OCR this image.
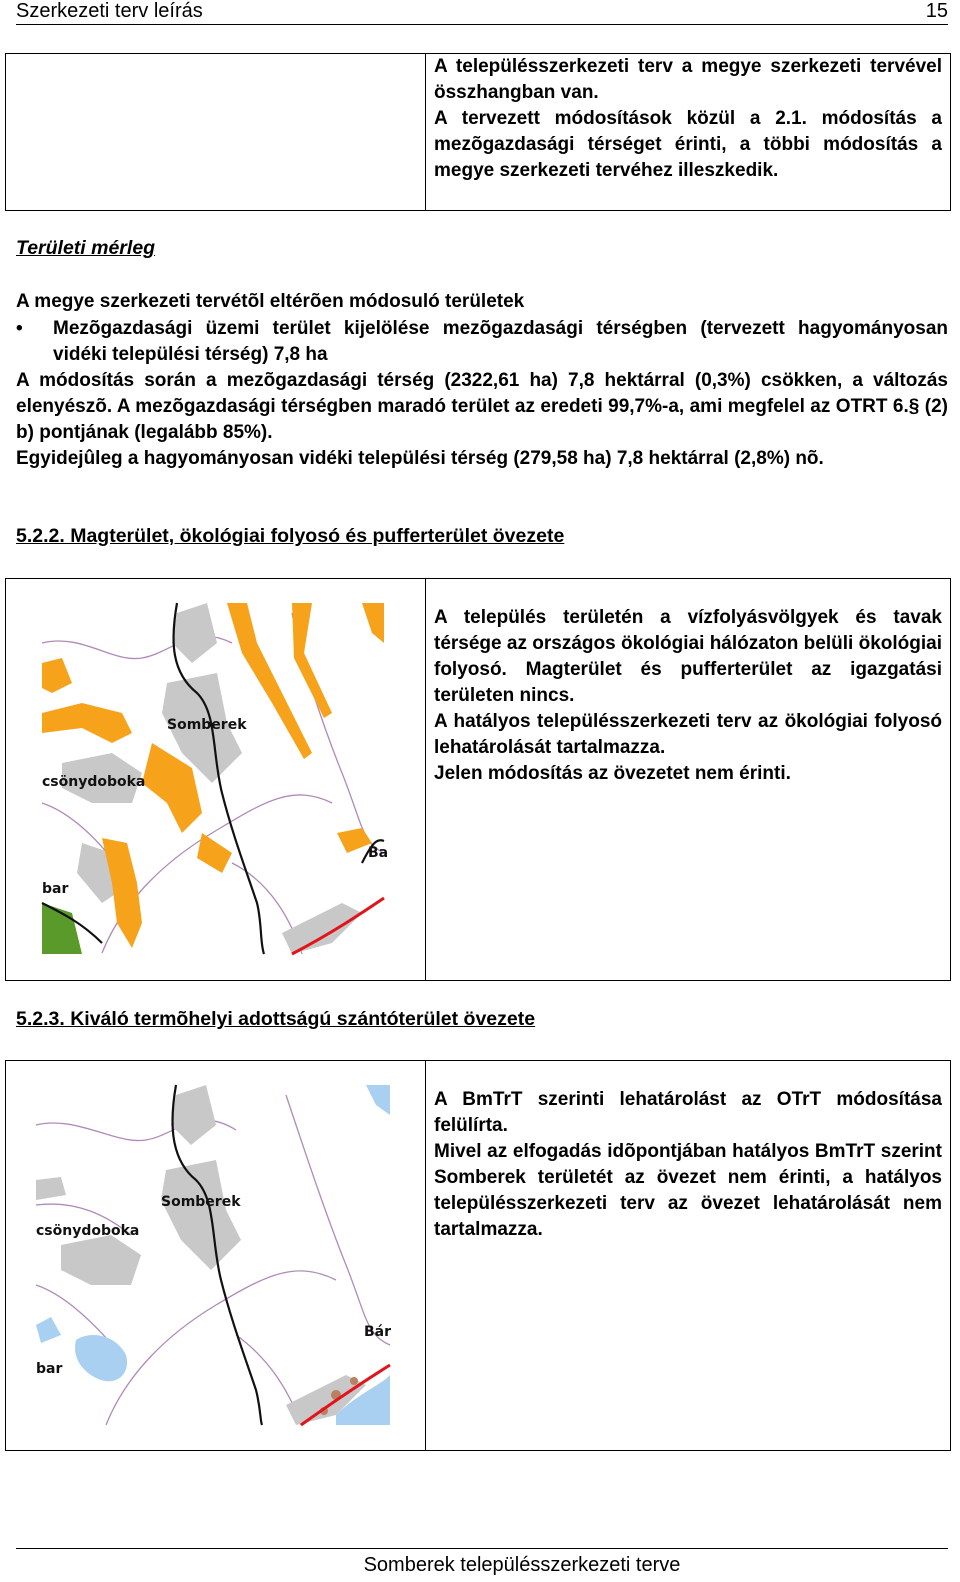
Szerkezeti terv leírás	15
A településszerkezeti terv a megye szerkezeti tervével összhangban van.
A tervezett módosítások közül a 2.1. módosítás a mezõgazdasági térséget érinti, a többi módosítás a megye szerkezeti tervéhez illeszkedik.
Területi mérleg
A megye szerkezeti tervétõl eltérõen módosuló területek
• Mezõgazdasági üzemi terület kijelölése mezõgazdasági térségben (tervezett hagyományosan vidéki települési térség) 7,8 ha
A módosítás során a mezõgazdasági térség (2322,61 ha) 7,8 hektárral (0,3%) csökken, a változás elenyészõ. A mezõgazdasági térségben maradó terület az eredeti 99,7%-a, ami megfelel az OTRT 6.§ (2) b) pontjának (legalább 85%).
Egyidejûleg a hagyományosan vidéki települési térség (279,58 ha) 7,8 hektárral (2,8%) nõ.
5.2.2. Magterület, ökológiai folyosó és pufferterület övezete
A település területén a vízfolyásvölgyek és tavak térsége az országos ökológiai hálózaton belüli ökológiai folyosó. Magterület és pufferterület az igazgatási területen nincs.
A hatályos településszerkezeti terv az ökológiai folyosó lehatárolását tartalmazza.
Jelen módosítás az övezetet nem érinti.
Somberek
csönydoboka
bar
Ba
5.2.3. Kiváló termõhelyi adottságú szántóterület övezete
A BmTrT szerinti lehatárolást az OTrT módosítása felülírta.
Mivel az elfogadás idõpontjában hatályos BmTrT szerint Somberek területét az övezet nem érinti, a hatályos településszerkezeti terv az övezet lehatárolását nem tartalmazza.
Somberek
csönydoboka
bar
Bár
Somberek településszerkezeti terve
